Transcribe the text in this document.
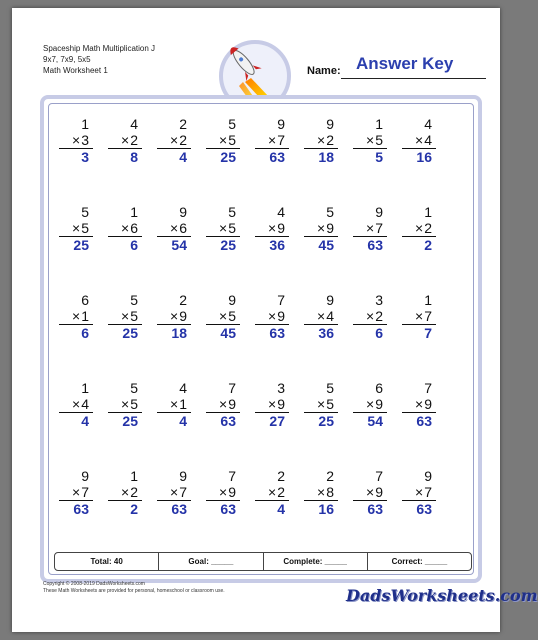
Spaceship Math Multiplication J
9x7, 7x9, 5x5
Math Worksheet 1	Name: Answer Key
1
×3
3
4
×2
8
2
×2
4
5
×5
25
9
×7
63
9
×2
18
1
×5
5
4
×4
16
5
×5
25
1
×6
6
9
×6
54
5
×5
25
4
×9
36
5
×9
45
9
×7
63
1
×2
2
6
×1
6
5
×5
25
2
×9
18
9
×5
45
7
×9
63
9
×4
36
3
×2
6
1
×7
7
1
×4
4
5
×5
25
4
×1
4
7
×9
63
3
×9
27
5
×5
25
6
×9
54
7
×9
63
9
×7
63
1
×2
2
9
×7
63
7
×9
63
2
×2
4
2
×8
16
7
×9
63
9
×7
63
Total: 40	Goal: _____	Complete: _____	Correct: _____
Copyright © 2008-2019 DadsWorksheets.com
These Math Worksheets are provided for personal, homeschool or classroom use.	DadsWorksheets.com
